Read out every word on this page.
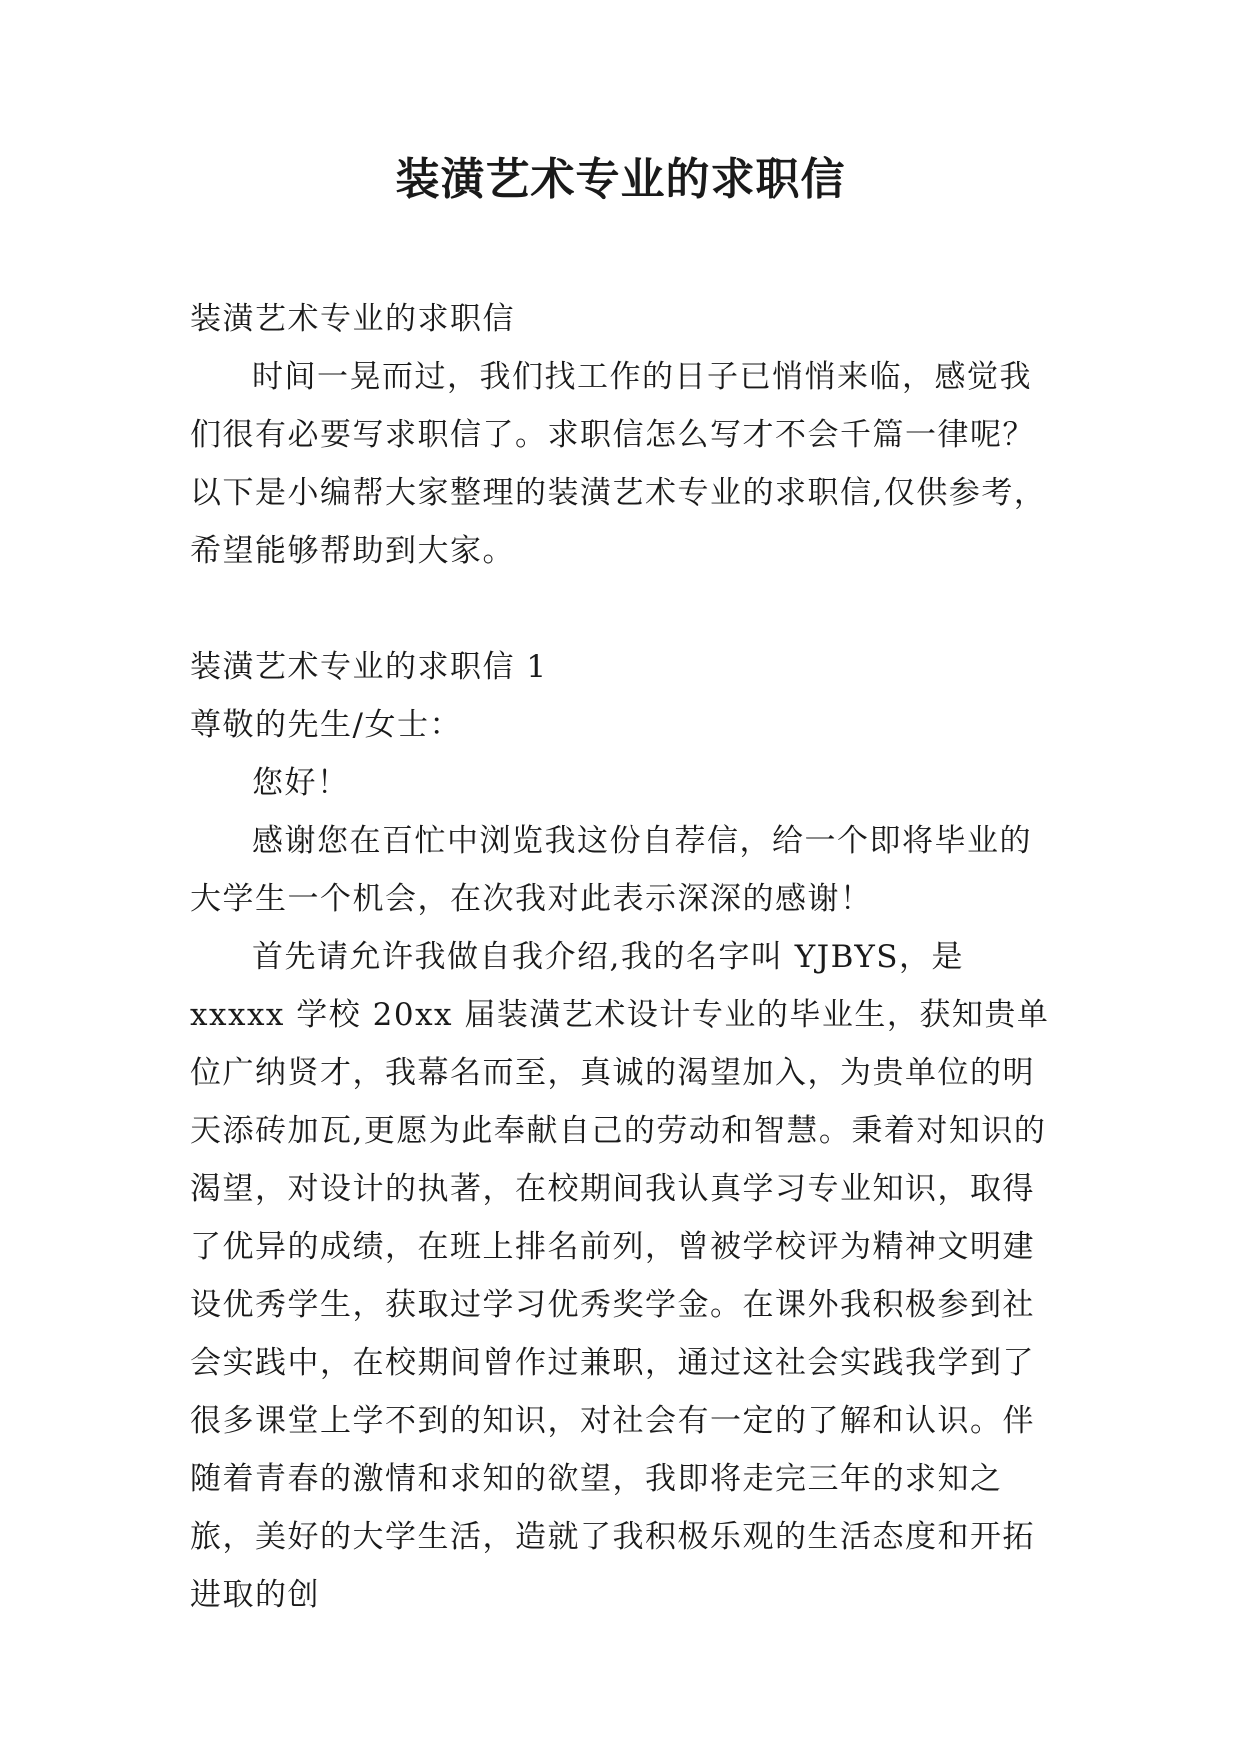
装潢艺术专业的求职信

装潢艺术专业的求职信

时间一晃而过，我们找工作的日子已悄悄来临，感觉我们很有必要写求职信了。求职信怎么写才不会千篇一律呢？以下是小编帮大家整理的装潢艺术专业的求职信,仅供参考，希望能够帮助到大家。

装潢艺术专业的求职信 1

尊敬的先生/女士：

您好！

感谢您在百忙中浏览我这份自荐信，给一个即将毕业的大学生一个机会，在次我对此表示深深的感谢！

首先请允许我做自我介绍,我的名字叫 YJBYS，是 xxxxx 学校 20xx 届装潢艺术设计专业的毕业生，获知贵单位广纳贤才，我幕名而至，真诚的渴望加入，为贵单位的明天添砖加瓦,更愿为此奉献自己的劳动和智慧。秉着对知识的渴望，对设计的执著，在校期间我认真学习专业知识，取得了优异的成绩，在班上排名前列，曾被学校评为精神文明建设优秀学生，获取过学习优秀奖学金。在课外我积极参到社会实践中，在校期间曾作过兼职，通过这社会实践我学到了很多课堂上学不到的知识，对社会有一定的了解和认识。伴随着青春的激情和求知的欲望，我即将走完三年的求知之旅，美好的大学生活，造就了我积极乐观的生活态度和开拓进取的创
